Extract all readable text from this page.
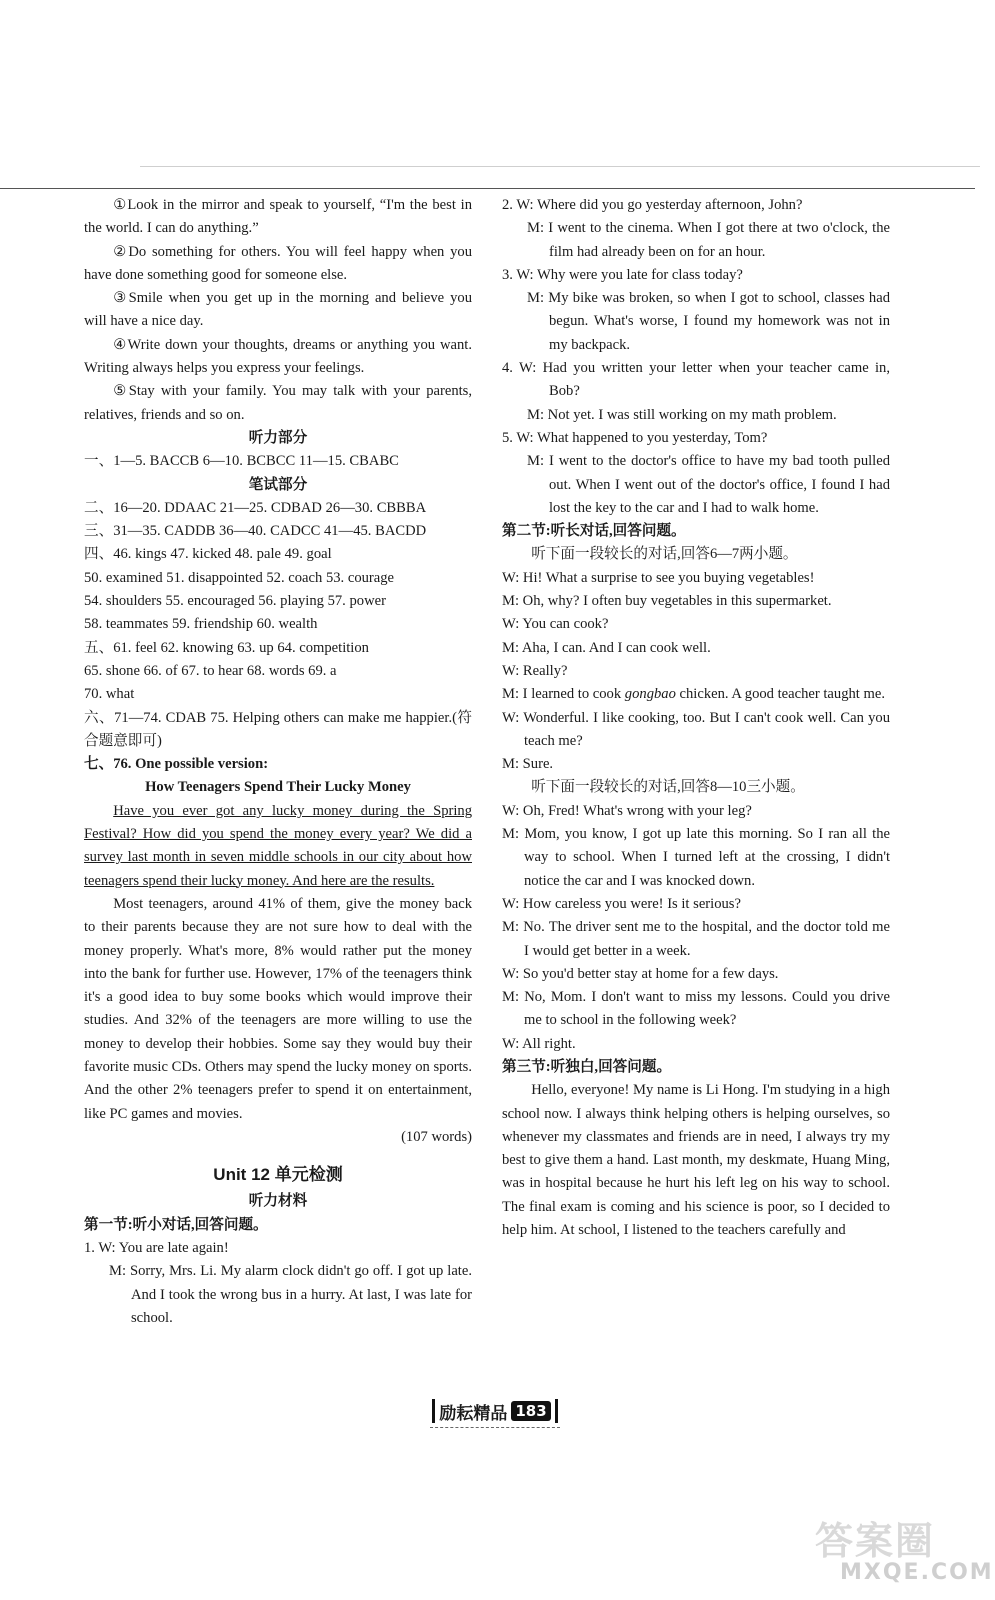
①Look in the mirror and speak to yourself, “I'm the best in the world. I can do anything.”

②Do something for others. You will feel happy when you have done something good for someone else.

③Smile when you get up in the morning and believe you will have a nice day.

④Write down your thoughts, dreams or anything you want. Writing always helps you express your feelings.

⑤Stay with your family. You may talk with your parents, relatives, friends and so on.

听力部分

一、1—5. BACCB 6—10. BCBCC 11—15. CBABC

笔试部分

二、16—20. DDAAC 21—25. CDBAD 26—30. CBBBA

三、31—35. CADDB 36—40. CADCC 41—45. BACDD

四、46. kings 47. kicked 48. pale 49. goal

50. examined 51. disappointed 52. coach 53. courage

54. shoulders 55. encouraged 56. playing 57. power

58. teammates 59. friendship 60. wealth

五、61. feel 62. knowing 63. up 64. competition

65. shone 66. of 67. to hear 68. words 69. a

70. what

六、71—74. CDAB 75. Helping others can make me happier.(符合题意即可)

七、76. One possible version:

How Teenagers Spend Their Lucky Money

Have you ever got any lucky money during the Spring Festival? How did you spend the money every year? We did a survey last month in seven middle schools in our city about how teenagers spend their lucky money. And here are the results.

Most teenagers, around 41% of them, give the money back to their parents because they are not sure how to deal with the money properly. What's more, 8% would rather put the money into the bank for further use. However, 17% of the teenagers think it's a good idea to buy some books which would improve their studies. And 32% of the teenagers are more willing to use the money to develop their hobbies. Some say they would buy their favorite music CDs. Others may spend the lucky money on sports. And the other 2% teenagers prefer to spend it on entertainment, like PC games and movies.

(107 words)

Unit 12 单元检测

听力材料

第一节:听小对话,回答问题。

1. W: You are late again!

M: Sorry, Mrs. Li. My alarm clock didn't go off. I got up late. And I took the wrong bus in a hurry. At last, I was late for school.

2. W: Where did you go yesterday afternoon, John?

M: I went to the cinema. When I got there at two o'clock, the film had already been on for an hour.

3. W: Why were you late for class today?

M: My bike was broken, so when I got to school, classes had begun. What's worse, I found my homework was not in my backpack.

4. W: Had you written your letter when your teacher came in, Bob?

M: Not yet. I was still working on my math problem.

5. W: What happened to you yesterday, Tom?

M: I went to the doctor's office to have my bad tooth pulled out. When I went out of the doctor's office, I found I had lost the key to the car and I had to walk home.

第二节:听长对话,回答问题。

听下面一段较长的对话,回答6—7两小题。

W: Hi! What a surprise to see you buying vegetables!

M: Oh, why? I often buy vegetables in this supermarket.

W: You can cook?

M: Aha, I can. And I can cook well.

W: Really?

M: I learned to cook gongbao chicken. A good teacher taught me.

W: Wonderful. I like cooking, too. But I can't cook well. Can you teach me?

M: Sure.

听下面一段较长的对话,回答8—10三小题。

W: Oh, Fred! What's wrong with your leg?

M: Mom, you know, I got up late this morning. So I ran all the way to school. When I turned left at the crossing, I didn't notice the car and I was knocked down.

W: How careless you were! Is it serious?

M: No. The driver sent me to the hospital, and the doctor told me I would get better in a week.

W: So you'd better stay at home for a few days.

M: No, Mom. I don't want to miss my lessons. Could you drive me to school in the following week?

W: All right.

第三节:听独白,回答问题。

Hello, everyone! My name is Li Hong. I'm studying in a high school now. I always think helping others is helping ourselves, so whenever my classmates and friends are in need, I always try my best to give them a hand. Last month, my deskmate, Huang Ming, was in hospital because he hurt his left leg on his way to school. The final exam is coming and his science is poor, so I decided to help him. At school, I listened to the teachers carefully and

励耘精品 183
答案圈
MXQE.COM
